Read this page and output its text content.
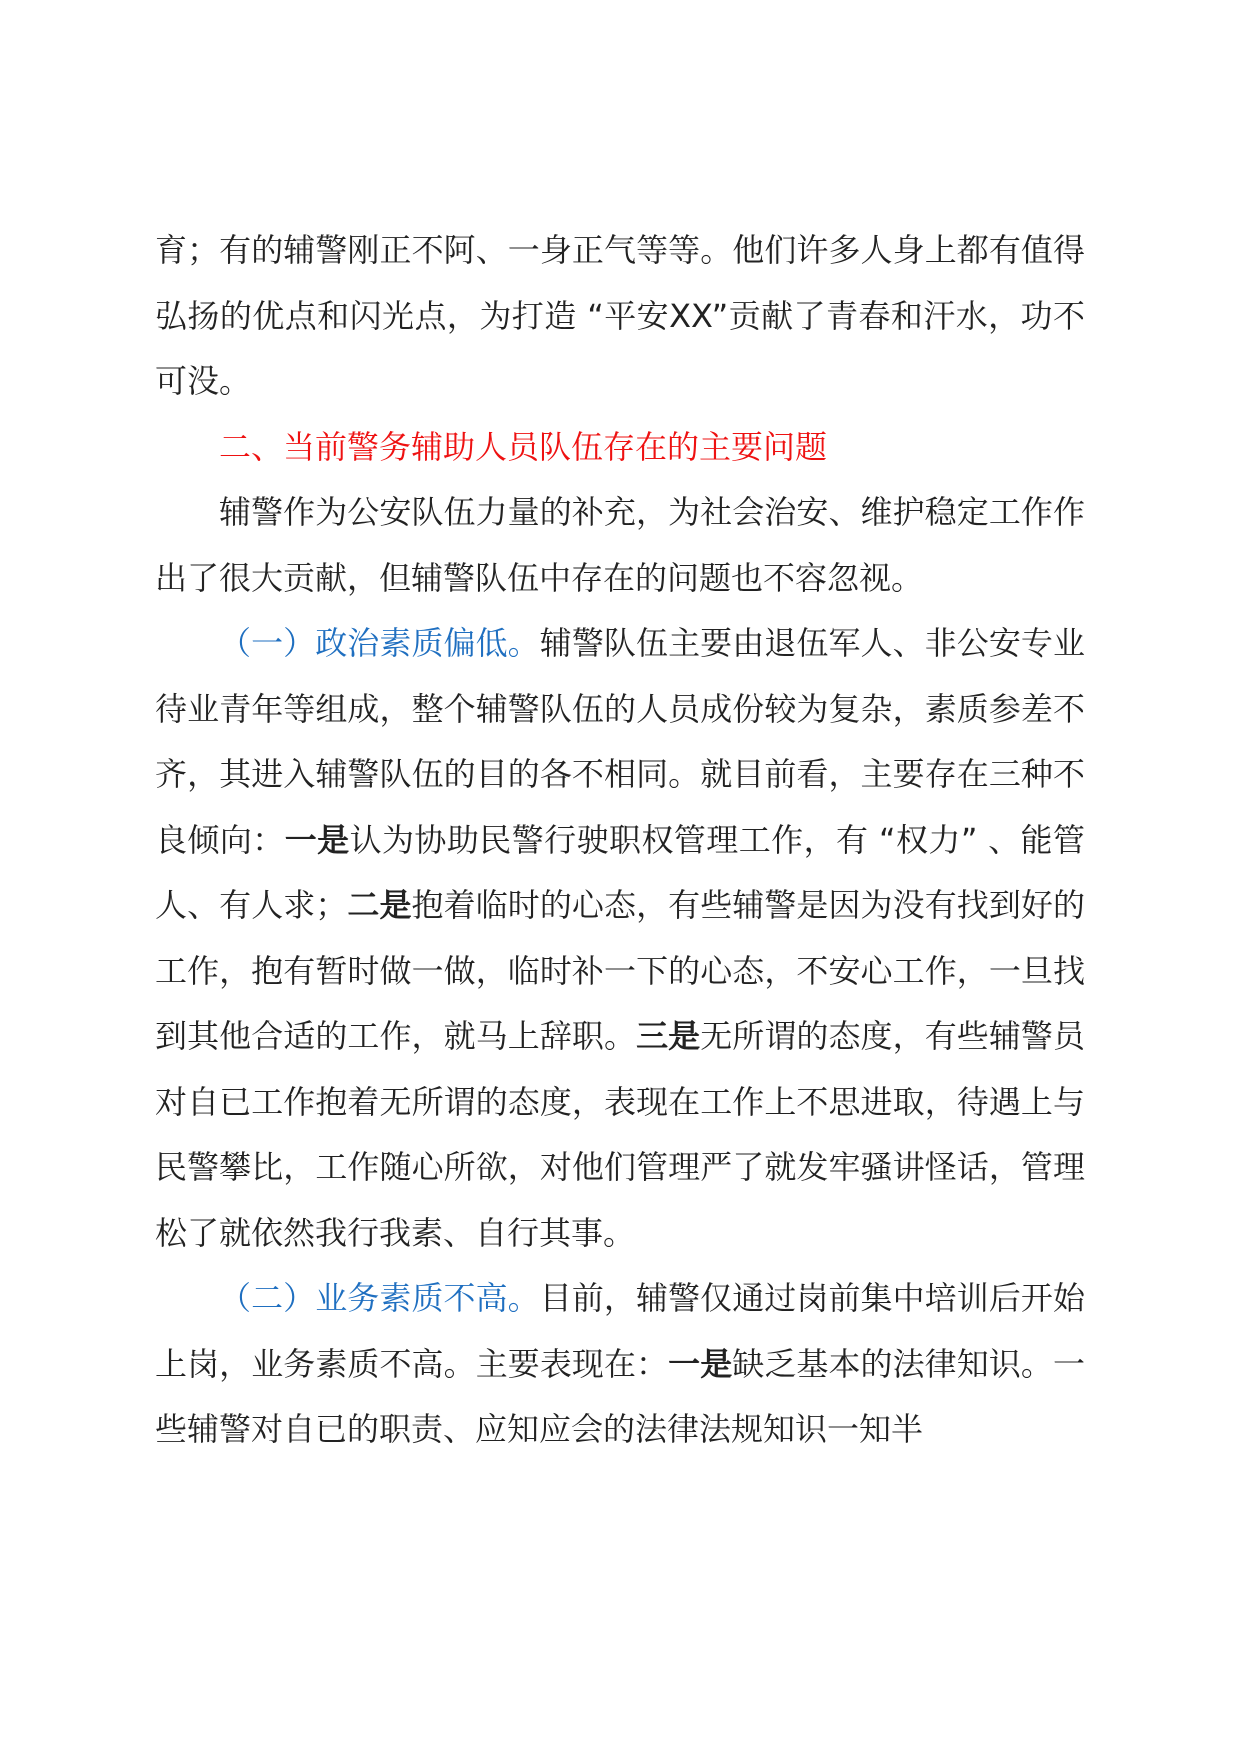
育；有的辅警刚正不阿、一身正气等等。他们许多人身上都有值得弘扬的优点和闪光点，为打造 “平安XX”贡献了青春和汗水，功不可没。

二、当前警务辅助人员队伍存在的主要问题

辅警作为公安队伍力量的补充，为社会治安、维护稳定工作作出了很大贡献，但辅警队伍中存在的问题也不容忽视。

（一）政治素质偏低。辅警队伍主要由退伍军人、非公安专业待业青年等组成，整个辅警队伍的人员成份较为复杂，素质参差不齐，其进入辅警队伍的目的各不相同。就目前看，主要存在三种不良倾向：一是认为协助民警行驶职权管理工作，有 “权力” 、能管人、有人求；二是抱着临时的心态，有些辅警是因为没有找到好的工作，抱有暂时做一做，临时补一下的心态，不安心工作，一旦找到其他合适的工作，就马上辞职。三是无所谓的态度，有些辅警员对自已工作抱着无所谓的态度，表现在工作上不思进取，待遇上与民警攀比，工作随心所欲，对他们管理严了就发牢骚讲怪话，管理松了就依然我行我素、自行其事。

（二）业务素质不高。目前，辅警仅通过岗前集中培训后开始上岗，业务素质不高。主要表现在：一是缺乏基本的法律知识。一些辅警对自已的职责、应知应会的法律法规知识一知半
